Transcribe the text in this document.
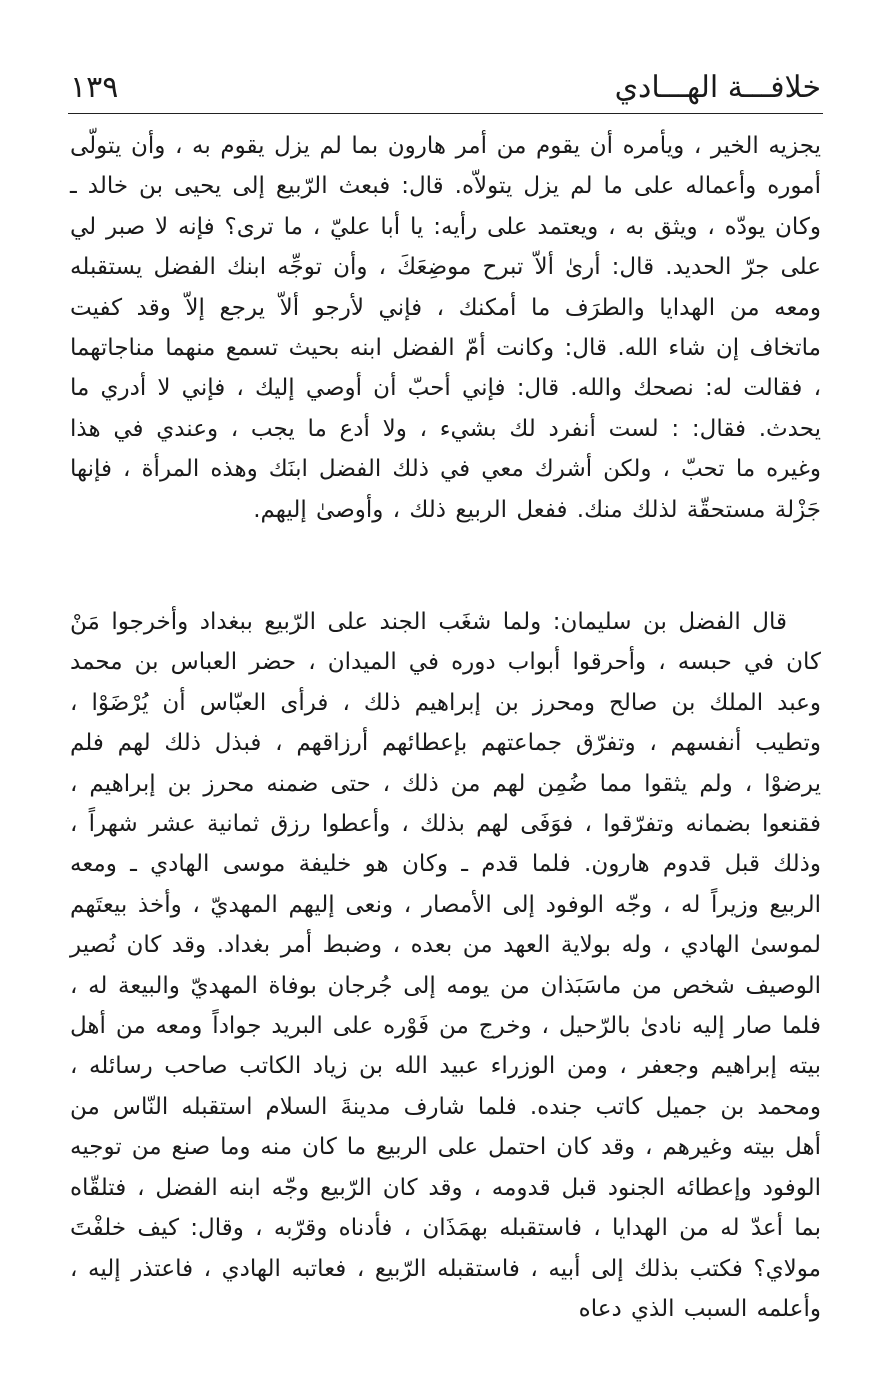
خلافـــة الهـــادي
١٣٩

يجزيه الخير ، ويأمره أن يقوم من أمر هارون بما لم يزل يقوم به ، وأن يتولّى أموره وأعماله على ما لم يزل يتولاّه. قال: فبعث الرّبيع إلى يحيى بن خالد ـ وكان يودّه ، ويثق به ، ويعتمد على رأيه: يا أبا عليّ ، ما ترى؟ فإنه لا صبر لي على جرّ الحديد. قال: أرىٰ ألاّ تبرح موضِعَكَ ، وأن توجِّه ابنك الفضل يستقبله ومعه من الهدايا والطرَف ما أمكنك ، فإني لأرجو ألاّ يرجع إلاّ وقد كفيت ماتخاف إن شاء الله. قال: وكانت أمّ الفضل ابنه بحيث تسمع منهما مناجاتهما ، فقالت له: نصحك والله. قال: فإني أحبّ أن أوصي إليك ، فإني لا أدري ما يحدث. فقال: : لست أنفرد لك بشيء ، ولا أدع ما يجب ، وعندي في هذا وغيره ما تحبّ ، ولكن أشرك معي في ذلك الفضل ابنَك وهذه المرأة ، فإنها جَزْلة مستحقّة لذلك منك. ففعل الربيع ذلك ، وأوصىٰ إليهم.

قال الفضل بن سليمان: ولما شغَب الجند على الرّبيع ببغداد وأخرجوا مَنْ كان في حبسه ، وأحرقوا أبواب دوره في الميدان ، حضر العباس بن محمد وعبد الملك بن صالح ومحرز بن إبراهيم ذلك ، فرأى العبّاس أن يُرْضَوْا ، وتطيب أنفسهم ، وتفرّق جماعتهم بإعطائهم أرزاقهم ، فبذل ذلك لهم فلم يرضوْا ، ولم يثقوا مما ضُمِن لهم من ذلك ، حتى ضمنه محرز بن إبراهيم ، فقنعوا بضمانه وتفرّقوا ، فوَفَى لهم بذلك ، وأعطوا رزق ثمانية عشر شهراً ، وذلك قبل قدوم هارون. فلما قدم ـ وكان هو خليفة موسى الهادي ـ ومعه الربيع وزيراً له ، وجّه الوفود إلى الأمصار ، ونعى إليهم المهديّ ، وأخذ بيعتَهم لموسىٰ الهادي ، وله بولاية العهد من بعده ، وضبط أمر بغداد. وقد كان نُصير الوصيف شخص من ماسَبَذان من يومه إلى جُرجان بوفاة المهديّ والبيعة له ، فلما صار إليه نادىٰ بالرّحيل ، وخرج من فَوْره على البريد جواداً ومعه من أهل بيته إبراهيم وجعفر ، ومن الوزراء عبيد الله بن زياد الكاتب صاحب رسائله ، ومحمد بن جميل كاتب جنده. فلما شارف مدينةَ السلام استقبله النّاس من أهل بيته وغيرهم ، وقد كان احتمل على الربيع ما كان منه وما صنع من توجيه الوفود وإعطائه الجنود قبل قدومه ، وقد كان الرّبيع وجّه ابنه الفضل ، فتلقّاه بما أعدّ له من الهدايا ، فاستقبله بهمَذَان ، فأدناه وقرّبه ، وقال: كيف خلفْتَ مولاي؟ فكتب بذلك إلى أبيه ، فاستقبله الرّبيع ، فعاتبه الهادي ، فاعتذر إليه ، وأعلمه السبب الذي دعاه
